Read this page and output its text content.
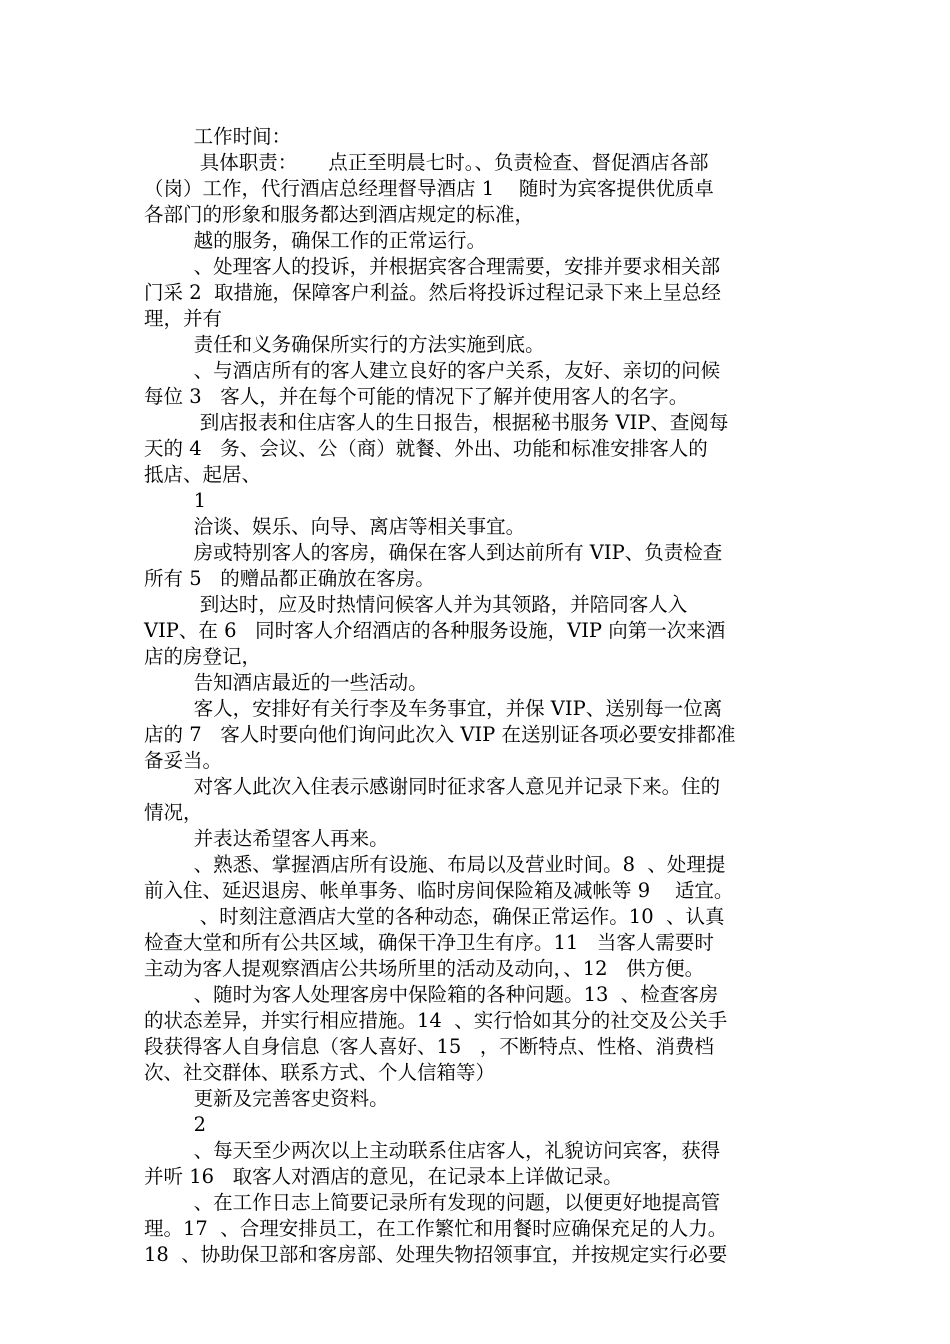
工作时间：
具体职责：     点正至明晨七时。、负责检查、督促酒店各部
（岗）工作，代行酒店总经理督导酒店 1    随时为宾客提供优质卓
各部门的形象和服务都达到酒店规定的标准，
越的服务，确保工作的正常运行。
、处理客人的投诉，并根据宾客合理需要，安排并要求相关部
门采 2  取措施，保障客户利益。然后将投诉过程记录下来上呈总经
理，并有
责任和义务确保所实行的方法实施到底。
、与酒店所有的客人建立良好的客户关系，友好、亲切的问候
每位 3   客人，并在每个可能的情况下了解并使用客人的名字。
到店报表和住店客人的生日报告，根据秘书服务 VIP、查阅每
天的 4   务、会议、公（商）就餐、外出、功能和标准安排客人的
抵店、起居、
1
洽谈、娱乐、向导、离店等相关事宜。
房或特别客人的客房，确保在客人到达前所有 VIP、负责检查
所有 5   的赠品都正确放在客房。
到达时，应及时热情问候客人并为其领路，并陪同客人入
VIP、在 6   同时客人介绍酒店的各种服务设施，VIP 向第一次来酒
店的房登记，
告知酒店最近的一些活动。
客人，安排好有关行李及车务事宜，并保 VIP、送别每一位离
店的 7   客人时要向他们询问此次入 VIP 在送别证各项必要安排都准
备妥当。
对客人此次入住表示感谢同时征求客人意见并记录下来。住的
情况，
并表达希望客人再来。
、熟悉、掌握酒店所有设施、布局以及营业时间。8  、处理提
前入住、延迟退房、帐单事务、临时房间保险箱及减帐等 9    适宜。
、时刻注意酒店大堂的各种动态，确保正常运作。10  、认真
检查大堂和所有公共区域，确保干净卫生有序。11   当客人需要时
主动为客人提观察酒店公共场所里的活动及动向，、12   供方便。
、随时为客人处理客房中保险箱的各种问题。13  、检查客房
的状态差异，并实行相应措施。14  、实行恰如其分的社交及公关手
段获得客人自身信息（客人喜好、15   ，不断特点、性格、消费档
次、社交群体、联系方式、个人信箱等）
更新及完善客史资料。
2
、每天至少两次以上主动联系住店客人，礼貌访问宾客，获得
并听 16   取客人对酒店的意见，在记录本上详做记录。
、在工作日志上简要记录所有发现的问题，以便更好地提高管
理。17  、合理安排员工，在工作繁忙和用餐时应确保充足的人力。
18  、协助保卫部和客房部、处理失物招领事宜，并按规定实行必要
